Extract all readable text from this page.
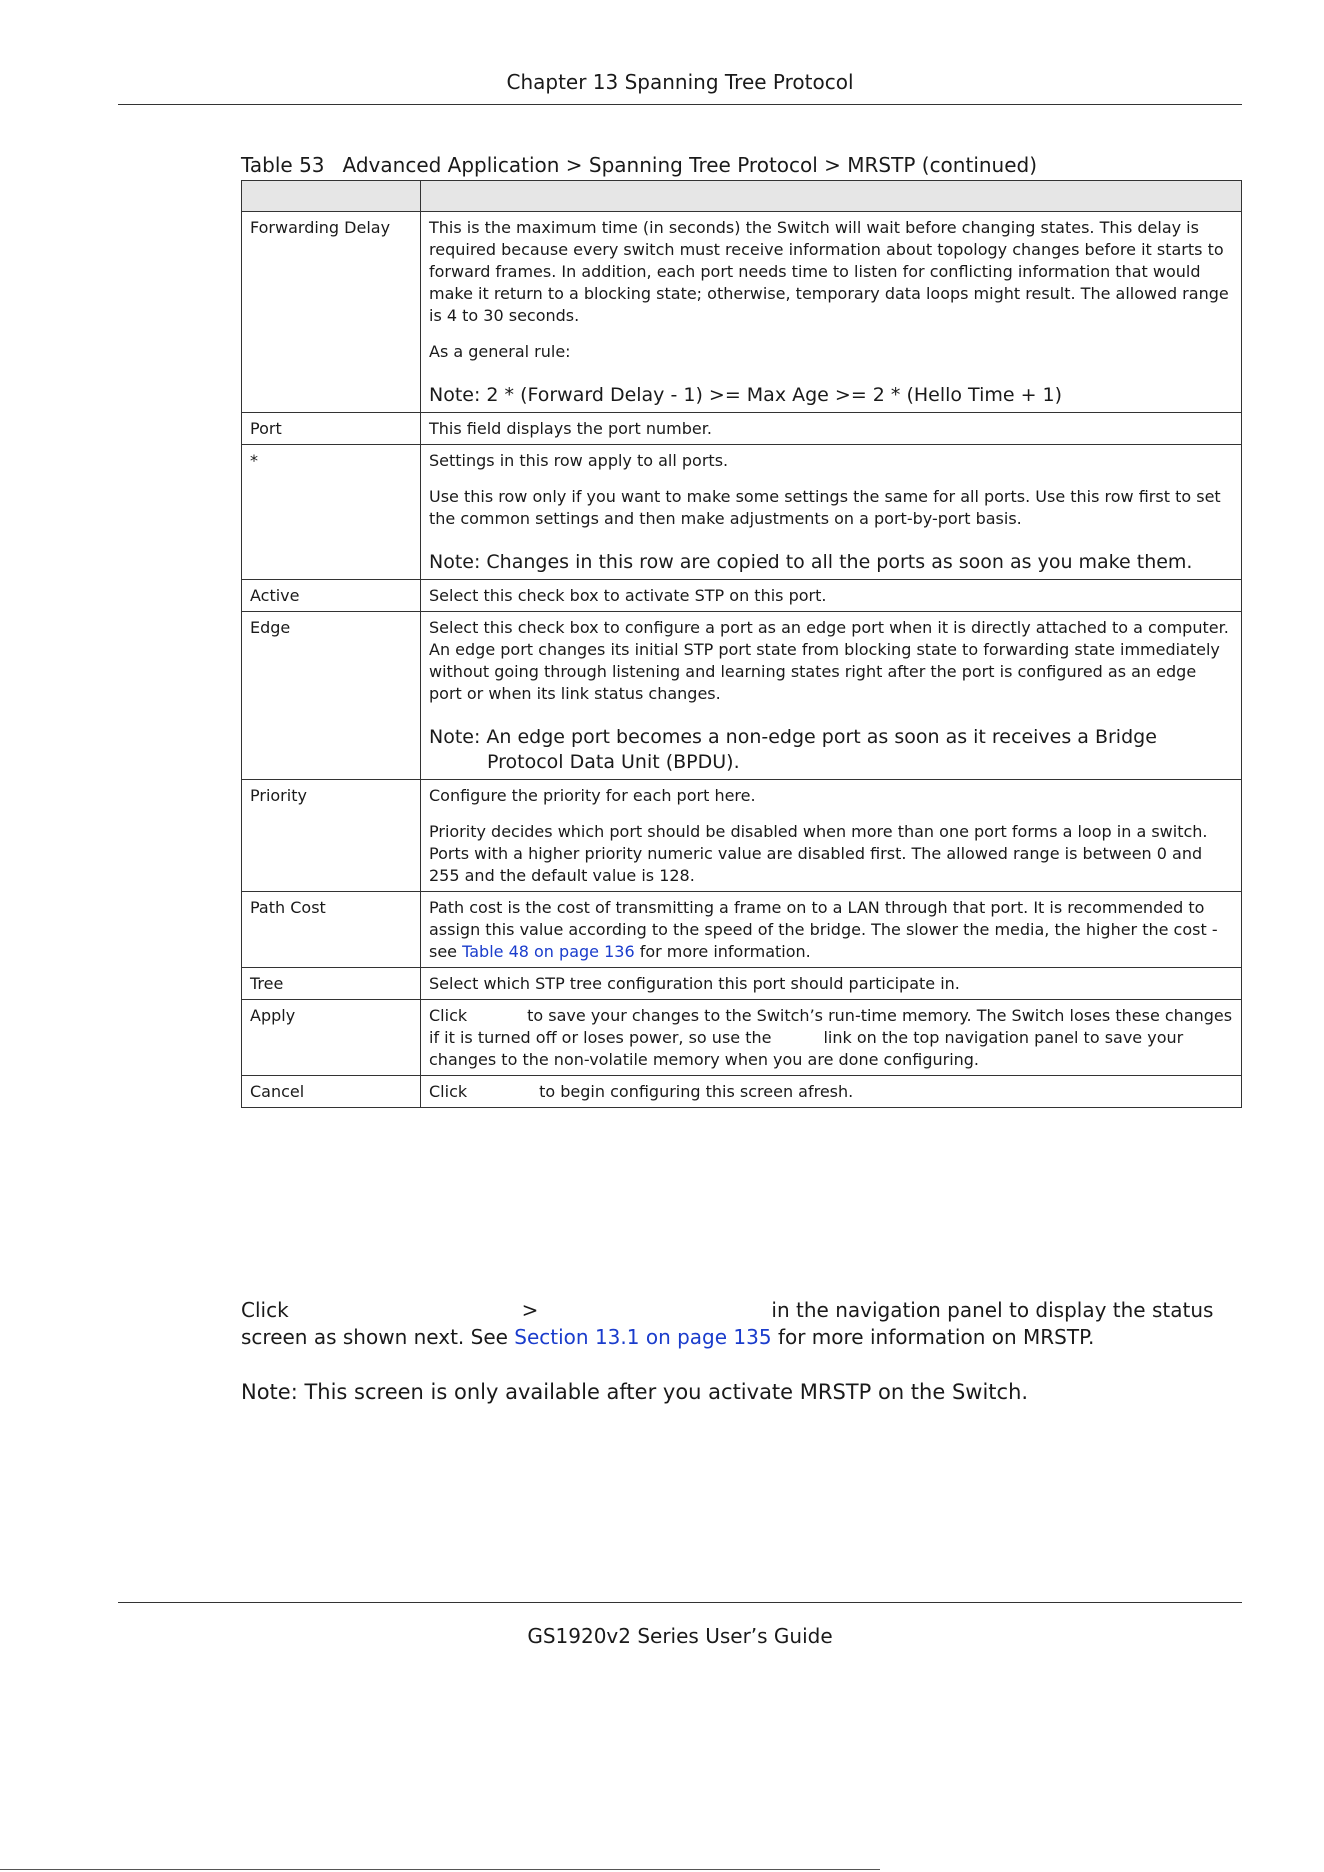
Chapter 13 Spanning Tree Protocol
Table 53 Advanced Application > Spanning Tree Protocol > MRSTP (continued)

Forwarding Delay	This is the maximum time (in seconds) the Switch will wait before changing states. This delay is required because every switch must receive information about topology changes before it starts to forward frames. In addition, each port needs time to listen for conflicting information that would make it return to a blocking state; otherwise, temporary data loops might result. The allowed range is 4 to 30 seconds.

As a general rule:

Note: 2 * (Forward Delay - 1) >= Max Age >= 2 * (Hello Time + 1)

Port	This field displays the port number.

*	Settings in this row apply to all ports.

Use this row only if you want to make some settings the same for all ports. Use this row first to set the common settings and then make adjustments on a port-by-port basis.

Note: Changes in this row are copied to all the ports as soon as you make them.

Active	Select this check box to activate STP on this port.

Edge	Select this check box to configure a port as an edge port when it is directly attached to a computer. An edge port changes its initial STP port state from blocking state to forwarding state immediately without going through listening and learning states right after the port is configured as an edge port or when its link status changes.

Note: An edge port becomes a non-edge port as soon as it receives a Bridge
Protocol Data Unit (BPDU).

Priority	Configure the priority for each port here.

Priority decides which port should be disabled when more than one port forms a loop in a switch. Ports with a higher priority numeric value are disabled first. The allowed range is between 0 and 255 and the default value is 128.

Path Cost	Path cost is the cost of transmitting a frame on to a LAN through that port. It is recommended to assign this value according to the speed of the bridge. The slower the media, the higher the cost - see Table 48 on page 136 for more information.

Tree	Select which STP tree configuration this port should participate in.

Apply	Click to save your changes to the Switch’s run-time memory. The Switch loses these changes if it is turned off or loses power, so use the link on the top navigation panel to save your changes to the non-volatile memory when you are done configuring.

Cancel	Click to begin configuring this screen afresh.

Click	>	in the navigation panel to display the status
screen as shown next. See Section 13.1 on page 135 for more information on MRSTP.
Note: This screen is only available after you activate MRSTP on the Switch.
GS1920v2 Series User’s Guide
